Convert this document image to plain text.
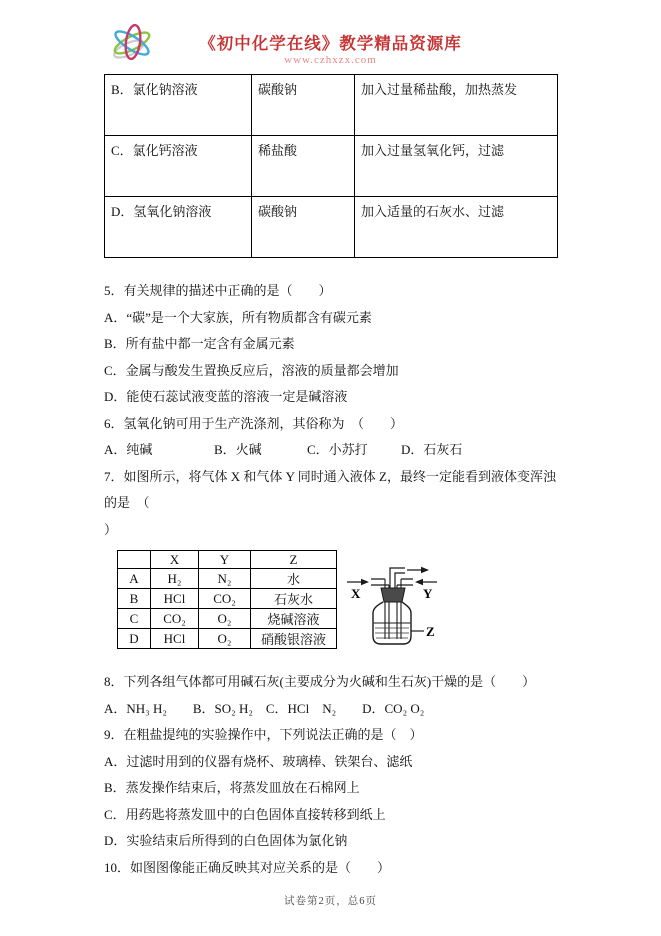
《初中化学在线》教学精品资源库
www.czhxzx.com
B．氯化钠溶液	碳酸钠	加入过量稀盐酸，加热蒸发
C．氯化钙溶液	稀盐酸	加入过量氢氧化钙，过滤
D．氢氧化钠溶液	碳酸钠	加入适量的石灰水、过滤

5．有关规律的描述中正确的是（　　）

A．“碳”是一个大家族，所有物质都含有碳元素

B．所有盐中都一定含有金属元素

C．金属与酸发生置换反应后，溶液的质量都会增加

D．能使石蕊试液变蓝的溶液一定是碱溶液

6．氢氧化钠可用于生产洗涤剂，其俗称为　（　　）

A．纯碱	B．火碱	C．小苏打	D．石灰石

7．如图所示，将气体 X 和气体 Y 同时通入液体 Z，最终一定能看到液体变浑浊的是　（

）

	X	Y	Z
A	H₂	N₂	水
B	HCl	CO₂	石灰水
C	CO₂	O₂	烧碱溶液
D	HCl	O₂	硝酸银溶液
X	Y
Z

8．下列各组气体都可用碱石灰(主要成分为火碱和生石灰)干燥的是（　　）

A．NH₃ H₂　　B．SO₂ H₂　C．HCl　N₂　　D．CO₂ O₂

9．在粗盐提纯的实验操作中，下列说法正确的是（　）

A．过滤时用到的仪器有烧杯、玻璃棒、铁架台、滤纸

B．蒸发操作结束后，将蒸发皿放在石棉网上

C．用药匙将蒸发皿中的白色固体直接转移到纸上

D．实验结束后所得到的白色固体为氯化钠

10．如图图像能正确反映其对应关系的是（　　）

试卷第2页，总6页
